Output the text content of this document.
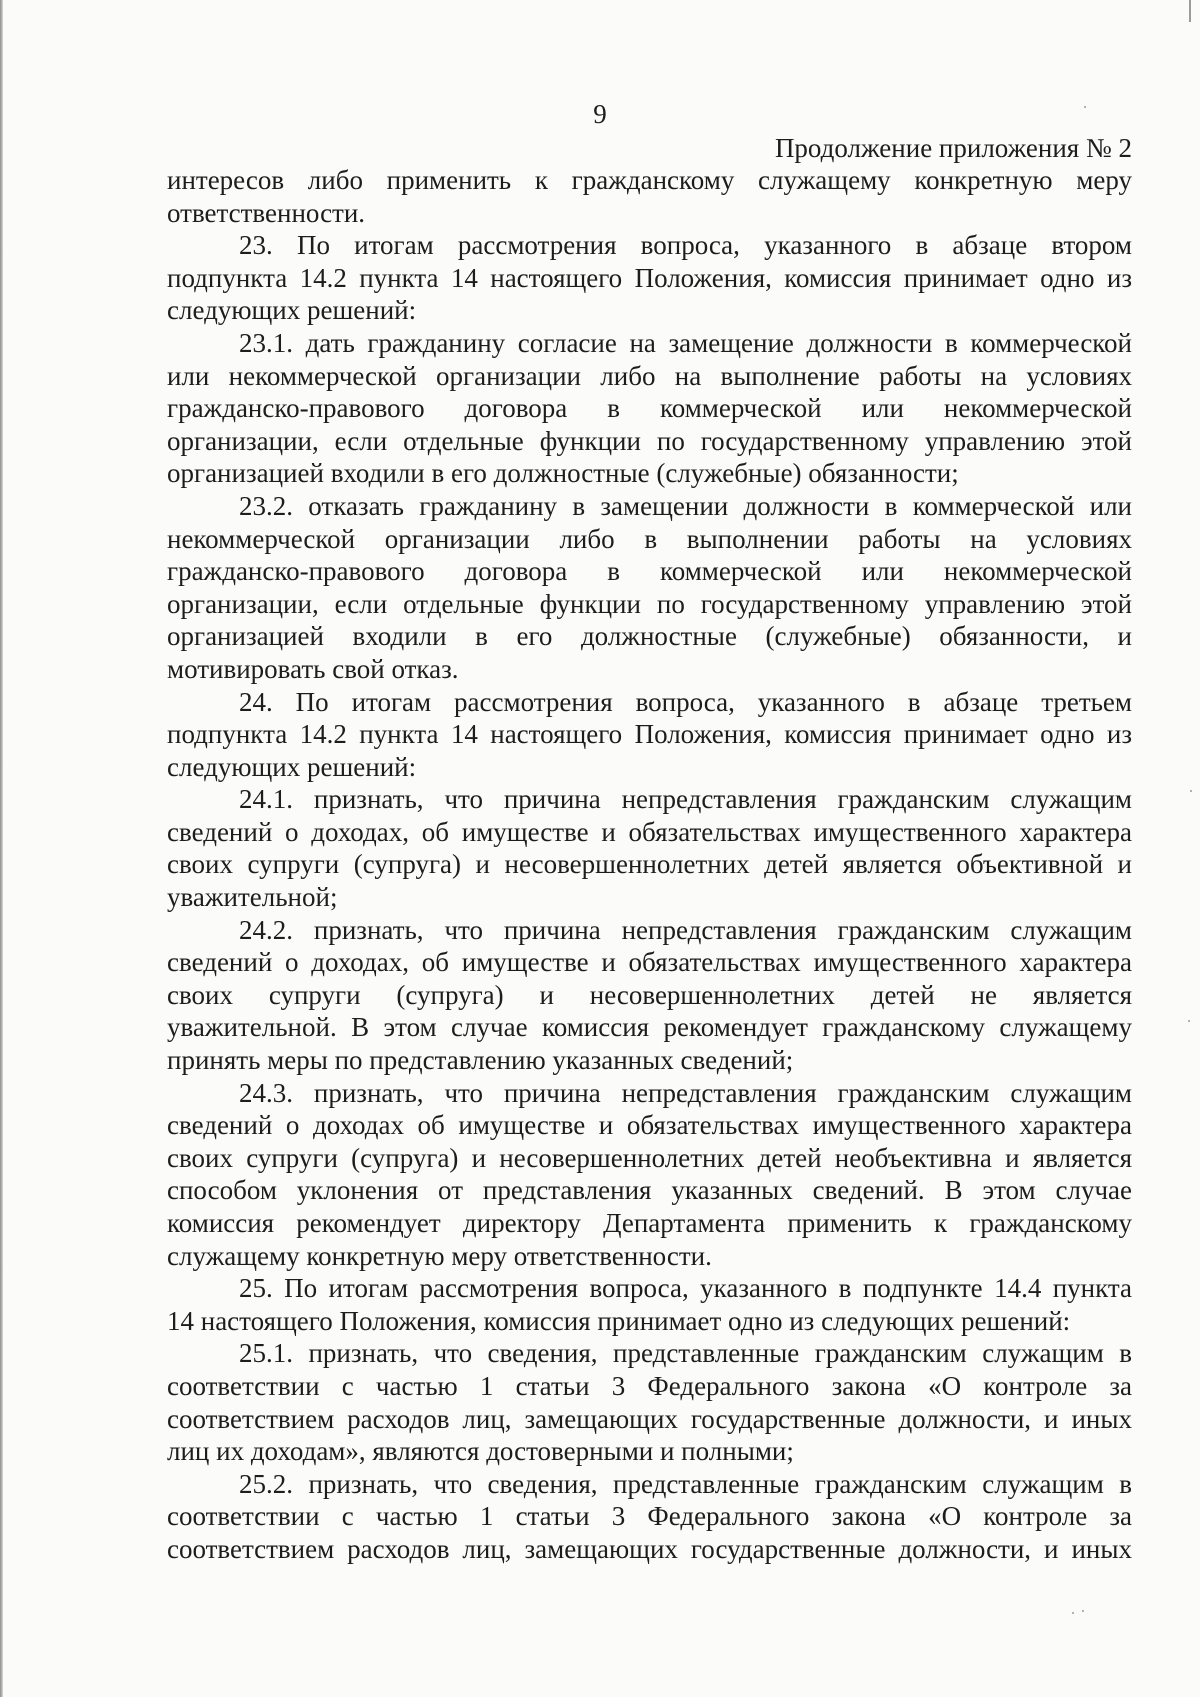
9
Продолжение приложения № 2
интересов либо применить к гражданскому служащему конкретную меру
ответственности.
23. По итогам рассмотрения вопроса, указанного в абзаце втором
подпункта 14.2 пункта 14 настоящего Положения, комиссия принимает одно из
следующих решений:
23.1. дать гражданину согласие на замещение должности в коммерческой
или некоммерческой организации либо на выполнение работы на условиях
гражданско-правового договора в коммерческой или некоммерческой
организации, если отдельные функции по государственному управлению этой
организацией входили в его должностные (служебные) обязанности;
23.2. отказать гражданину в замещении должности в коммерческой или
некоммерческой организации либо в выполнении работы на условиях
гражданско-правового договора в коммерческой или некоммерческой
организации, если отдельные функции по государственному управлению этой
организацией входили в его должностные (служебные) обязанности, и
мотивировать свой отказ.
24. По итогам рассмотрения вопроса, указанного в абзаце третьем
подпункта 14.2 пункта 14 настоящего Положения, комиссия принимает одно из
следующих решений:
24.1. признать, что причина непредставления гражданским служащим
сведений о доходах, об имуществе и обязательствах имущественного характера
своих супруги (супруга) и несовершеннолетних детей является объективной и
уважительной;
24.2. признать, что причина непредставления гражданским служащим
сведений о доходах, об имуществе и обязательствах имущественного характера
своих супруги (супруга) и несовершеннолетних детей не является
уважительной. В этом случае комиссия рекомендует гражданскому служащему
принять меры по представлению указанных сведений;
24.3. признать, что причина непредставления гражданским служащим
сведений о доходах об имуществе и обязательствах имущественного характера
своих супруги (супруга) и несовершеннолетних детей необъективна и является
способом уклонения от представления указанных сведений. В этом случае
комиссия рекомендует директору Департамента применить к гражданскому
служащему конкретную меру ответственности.
25. По итогам рассмотрения вопроса, указанного в подпункте 14.4 пункта
14 настоящего Положения, комиссия принимает одно из следующих решений:
25.1. признать, что сведения, представленные гражданским служащим в
соответствии с частью 1 статьи 3 Федерального закона «О контроле за
соответствием расходов лиц, замещающих государственные должности, и иных
лиц их доходам», являются достоверными и полными;
25.2. признать, что сведения, представленные гражданским служащим в
соответствии с частью 1 статьи 3 Федерального закона «О контроле за
соответствием расходов лиц, замещающих государственные должности, и иных
